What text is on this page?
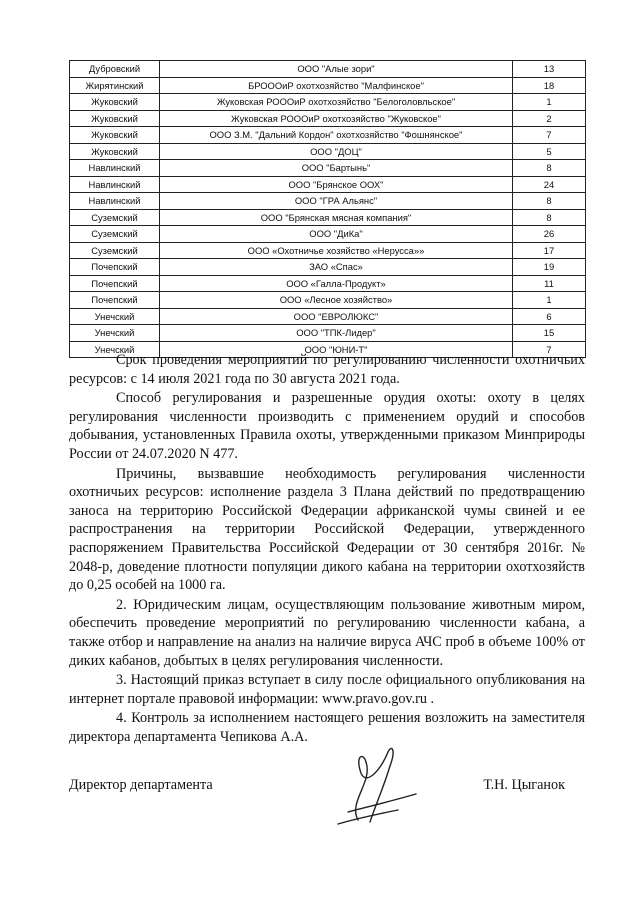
Дубровский	ООО "Алые зори"	13
Жирятинский	БРОООиР охотхозяйство "Малфинское"	18
Жуковский	Жуковская РОООиР охотхозяйство "Белоголовльское"	1
Жуковский	Жуковская РОООиР охотхозяйство "Жуковское"	2
Жуковский	ООО З.М. "Дальний Кордон" охотхозяйство "Фошнянское"	7
Жуковский	ООО "ДОЦ"	5
Навлинский	ООО "Бартынь"	8
Навлинский	ООО "Брянское ООХ"	24
Навлинский	ООО "ГРА Альянс"	8
Суземский	ООО "Брянская мясная компания"	8
Суземский	ООО "ДиКа"	26
Суземский	ООО «Охотничье хозяйство «Нерусса»»	17
Почепский	ЗАО «Спас»	19
Почепский	ООО «Галла-Продукт»	11
Почепский	ООО «Лесное хозяйство»	1
Унечский	ООО "ЕВРОЛЮКС"	6
Унечский	ООО "ТПК-Лидер"	15
Унечский	ООО "ЮНИ-Т"	7

Срок проведения мероприятий по регулированию численности охотничьих ресурсов: с 14 июля 2021 года по 30 августа 2021 года.

Способ регулирования и разрешенные орудия охоты: охоту в целях регулирования численности производить с применением орудий и способов добывания, установленных Правила охоты, утвержденными приказом Минприроды России от 24.07.2020 N 477.

Причины, вызвавшие необходимость регулирования численности охотничьих ресурсов: исполнение раздела 3 Плана действий по предотвращению заноса на территорию Российской Федерации африканской чумы свиней и ее распространения на территории Российской Федерации, утвержденного распоряжением Правительства Российской Федерации от 30 сентября 2016г. № 2048-р, доведение плотности популяции дикого кабана на территории охотхозяйств до 0,25 особей на 1000 га.

2. Юридическим лицам, осуществляющим пользование животным миром, обеспечить проведение мероприятий по регулированию численности кабана, а также отбор и направление на анализ на наличие вируса АЧС проб в объеме 100% от диких кабанов, добытых в целях регулирования численности.

3. Настоящий приказ вступает в силу после официального опубликования на интернет портале правовой информации: www.pravo.gov.ru .

4. Контроль за исполнением настоящего решения возложить на заместителя директора департамента Чепикова А.А.

Директор департамента	Т.Н. Цыганок
